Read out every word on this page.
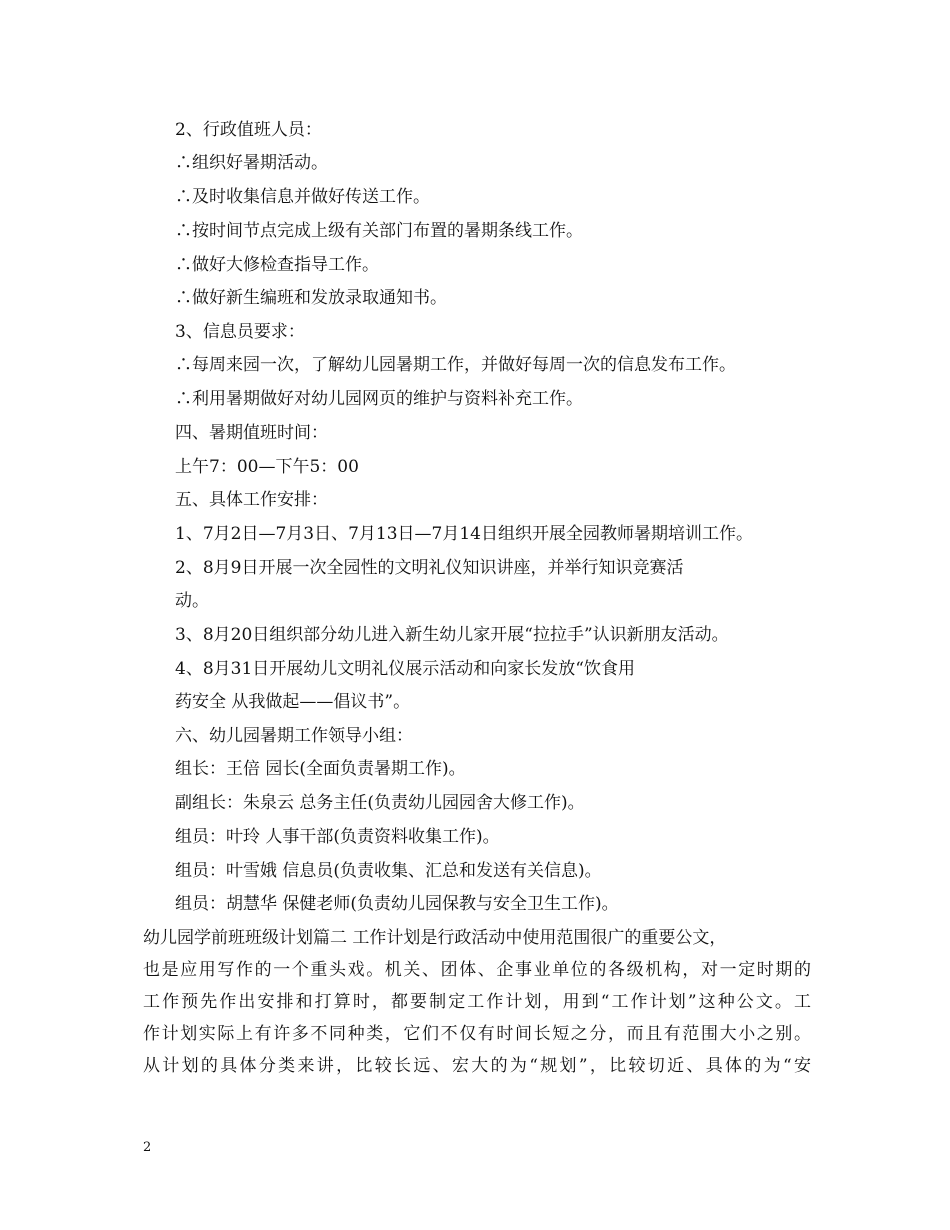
2、行政值班人员：
∴组织好暑期活动。
∴及时收集信息并做好传送工作。
∴按时间节点完成上级有关部门布置的暑期条线工作。
∴做好大修检查指导工作。
∴做好新生编班和发放录取通知书。
3、信息员要求：
∴每周来园一次，了解幼儿园暑期工作，并做好每周一次的信息发布工作。
∴利用暑期做好对幼儿园网页的维护与资料补充工作。
四、暑期值班时间：
上午7：00—下午5：00
五、具体工作安排：
1、7月2日—7月3日、7月13日—7月14日组织开展全园教师暑期培训工作。
2、8月9日开展一次全园性的文明礼仪知识讲座，并举行知识竞赛活
动。
3、8月20日组织部分幼儿进入新生幼儿家开展“拉拉手”认识新朋友活动。
4、8月31日开展幼儿文明礼仪展示活动和向家长发放“饮食用
药安全 从我做起——倡议书”。
六、幼儿园暑期工作领导小组：
组长：王倍 园长(全面负责暑期工作)。
副组长：朱泉云 总务主任(负责幼儿园园舍大修工作)。
组员：叶玲 人事干部(负责资料收集工作)。
组员：叶雪娥 信息员(负责收集、汇总和发送有关信息)。
组员：胡慧华 保健老师(负责幼儿园保教与安全卫生工作)。
幼儿园学前班班级计划篇二 工作计划是行政活动中使用范围很广的重要公文，
也是应用写作的一个重头戏。机关、团体、企事业单位的各级机构，对一定时期的
工作预先作出安排和打算时，都要制定工作计划，用到“工作计划”这种公文。工
作计划实际上有许多不同种类，它们不仅有时间长短之分，而且有范围大小之别。
从计划的具体分类来讲，比较长远、宏大的为“规划”，比较切近、具体的为“安
2
